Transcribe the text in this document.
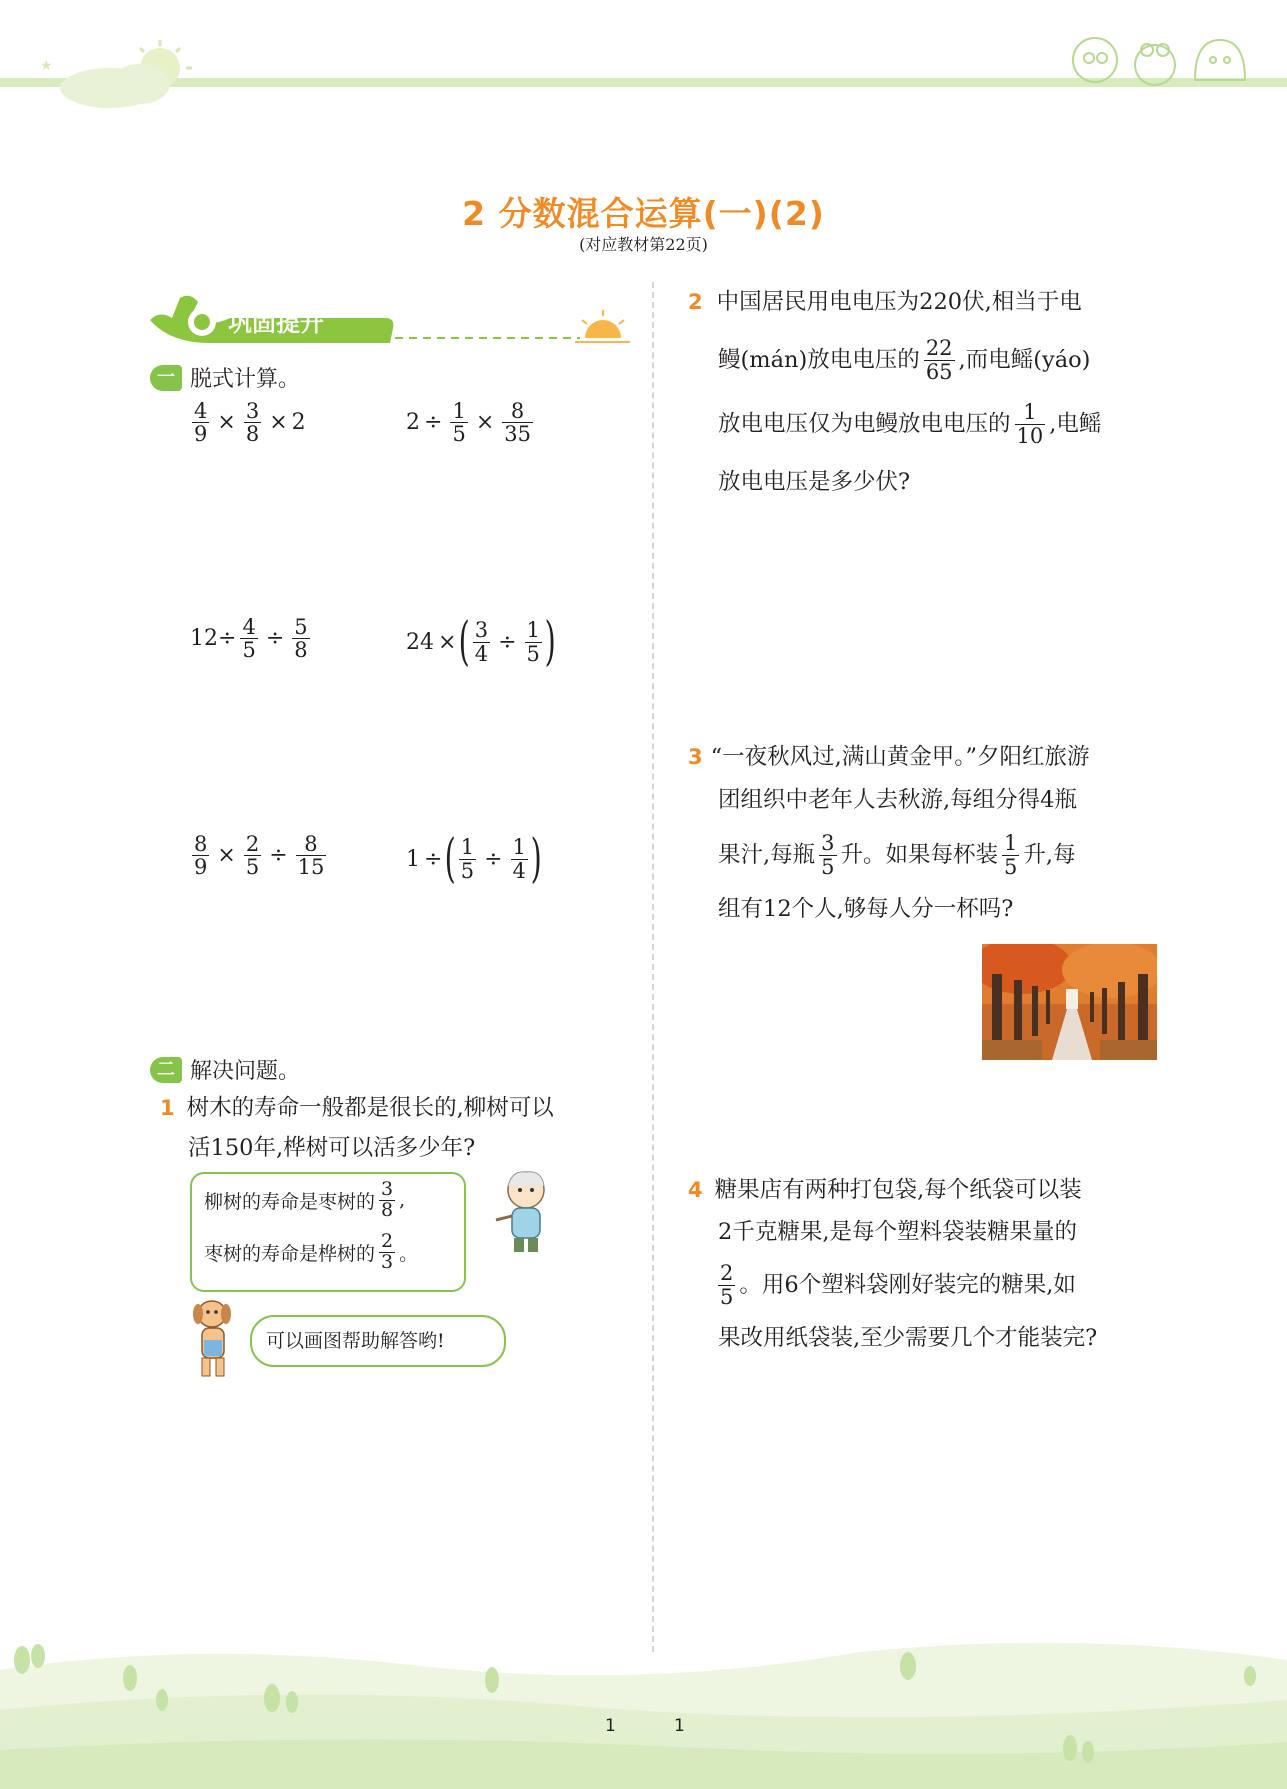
★
2 分数混合运算(一)(2)
(对应教材第22页)
巩固提升
一 脱式计算。
$\frac{4}{9} \times \frac{3}{8} \times 2$	$2 \div \frac{1}{5} \times \frac{8}{35}$
$12\div \frac{4}{5} \div \frac{5}{8}$	24 × ( $\frac{3}{4} \div \frac{1}{5}$ )
$\frac{8}{9} \times \frac{2}{5} \div \frac{8}{15}$	1 ÷ ( $\frac{1}{5} \div \frac{1}{4}$ )
二 解决问题。
1 树木的寿命一般都是很长的,柳树可以
活150年,桦树可以活多少年?
柳树的寿命是枣树的 $\frac{3}{8}$ ,
枣树的寿命是桦树的 $\frac{2}{3}$ 。
可以画图帮助解答哟!
2 中国居民用电电压为220伏,相当于电
鳗(mán)放电电压的 $\frac{22}{65}$ ,而电鳐(yáo)
放电电压仅为电鳗放电电压的 $\frac{1}{10}$ ,电鳐
放电电压是多少伏?
3 “一夜秋风过,满山黄金甲。”夕阳红旅游
团组织中老年人去秋游,每组分得4瓶
果汁,每瓶 $\frac{3}{5}$ 升。如果每杯装 $\frac{1}{5}$ 升,每
组有12个人,够每人分一杯吗?
4 糖果店有两种打包袋,每个纸袋可以装
2千克糖果,是每个塑料袋装糖果量的
$\frac{2}{5}$ 。用6个塑料袋刚好装完的糖果,如
果改用纸袋装,至少需要几个才能装完?
1	1
